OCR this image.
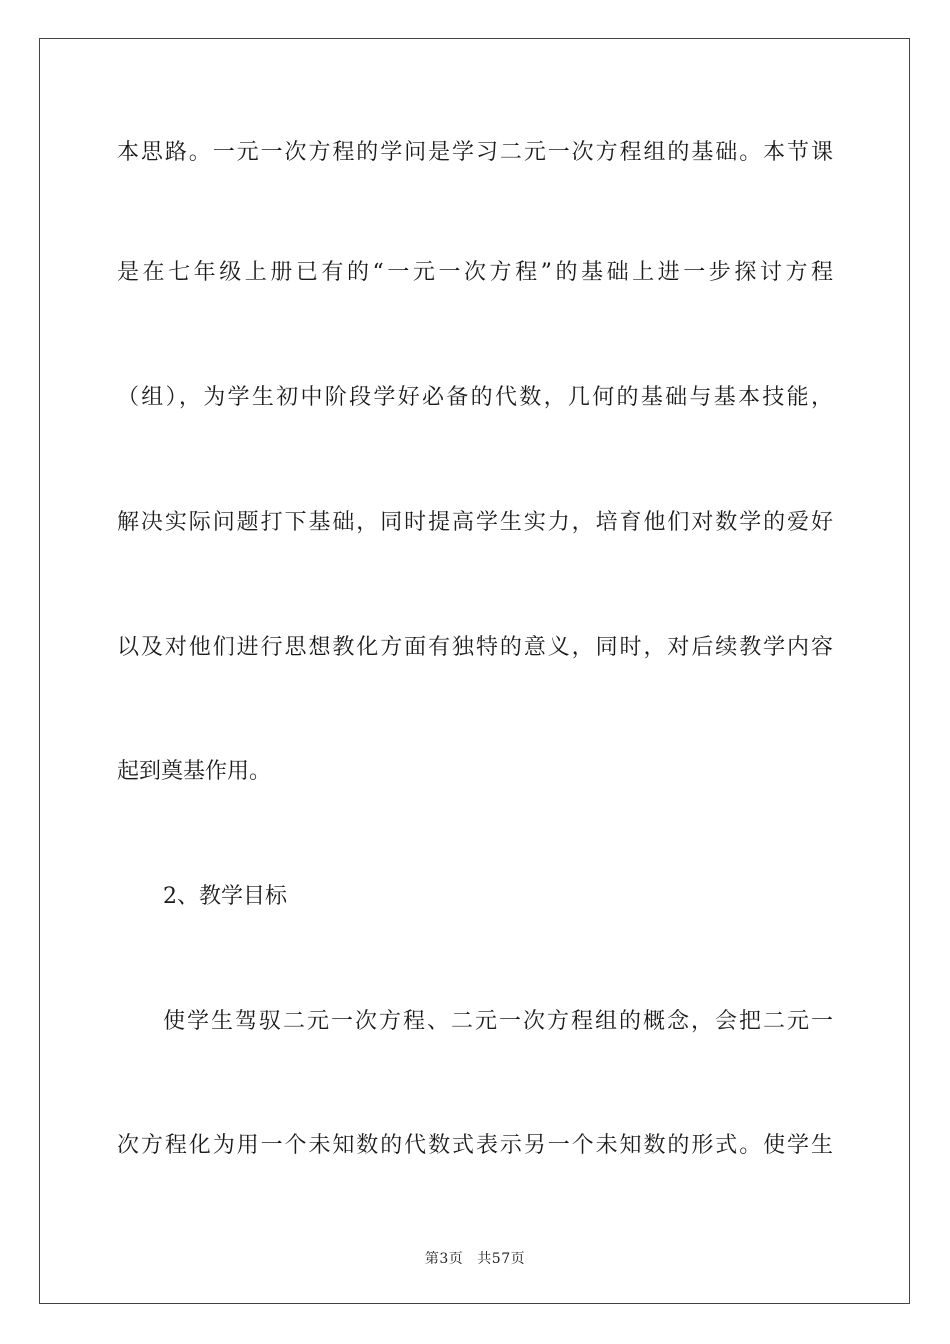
本思路。一元一次方程的学问是学习二元一次方程组的基础。本节课
是在七年级上册已有的“一元一次方程”的基础上进一步探讨方程
（组），为学生初中阶段学好必备的代数，几何的基础与基本技能，
解决实际问题打下基础，同时提高学生实力，培育他们对数学的爱好
以及对他们进行思想教化方面有独特的意义，同时，对后续教学内容
起到奠基作用。
2、教学目标
使学生驾驭二元一次方程、二元一次方程组的概念，会把二元一
次方程化为用一个未知数的代数式表示另一个未知数的形式。使学生
第3页 共57页
